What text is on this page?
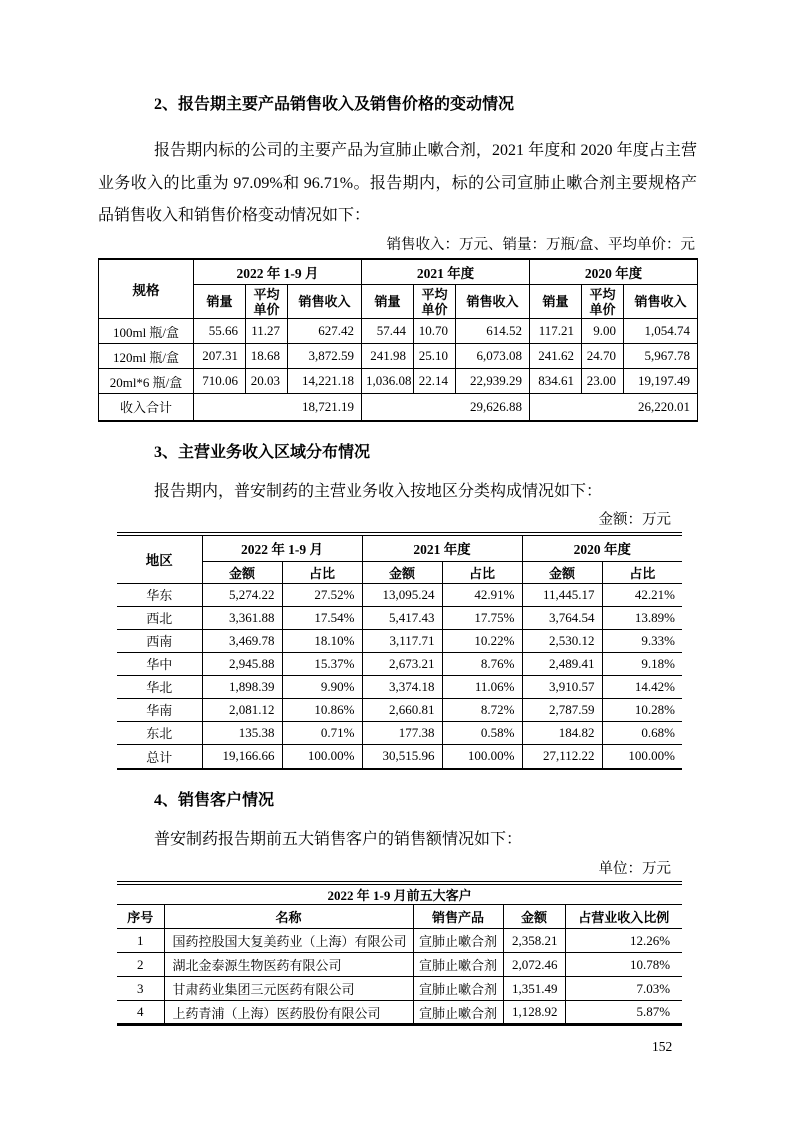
2、报告期主要产品销售收入及销售价格的变动情况

报告期内标的公司的主要产品为宣肺止嗽合剂，2021 年度和 2020 年度占主营业务收入的比重为 97.09%和 96.71%。报告期内，标的公司宣肺止嗽合剂主要规格产品销售收入和销售价格变动情况如下：

销售收入：万元、销量：万瓶/盒、平均单价：元
规格	2022 年 1-9 月			2021 年度			2020 年度		
	销量	平均单价	销售收入	销量	平均单价	销售收入	销量	平均单价	销售收入
100ml 瓶/盒	55.66	11.27	627.42	57.44	10.70	614.52	117.21	9.00	1,054.74
120ml 瓶/盒	207.31	18.68	3,872.59	241.98	25.10	6,073.08	241.62	24.70	5,967.78
20ml*6 瓶/盒	710.06	20.03	14,221.18	1,036.08	22.14	22,939.29	834.61	23.00	19,197.49
收入合计	18,721.19			29,626.88			26,220.01		
3、主营业务收入区域分布情况

报告期内，普安制药的主营业务收入按地区分类构成情况如下：

金额：万元
地区	2022 年 1-9 月		2021 年度		2020 年度	
	金额	占比	金额	占比	金额	占比
华东	5,274.22	27.52%	13,095.24	42.91%	11,445.17	42.21%
西北	3,361.88	17.54%	5,417.43	17.75%	3,764.54	13.89%
西南	3,469.78	18.10%	3,117.71	10.22%	2,530.12	9.33%
华中	2,945.88	15.37%	2,673.21	8.76%	2,489.41	9.18%
华北	1,898.39	9.90%	3,374.18	11.06%	3,910.57	14.42%
华南	2,081.12	10.86%	2,660.81	8.72%	2,787.59	10.28%
东北	135.38	0.71%	177.38	0.58%	184.82	0.68%
总计	19,166.66	100.00%	30,515.96	100.00%	27,112.22	100.00%
4、销售客户情况

普安制药报告期前五大销售客户的销售额情况如下：

单位：万元
2022 年 1-9 月前五大客户				
序号	名称	销售产品	金额	占营业收入比例
1	国药控股国大复美药业（上海）有限公司	宣肺止嗽合剂	2,358.21	12.26%
2	湖北金泰源生物医药有限公司	宣肺止嗽合剂	2,072.46	10.78%
3	甘肃药业集团三元医药有限公司	宣肺止嗽合剂	1,351.49	7.03%
4	上药青浦（上海）医药股份有限公司	宣肺止嗽合剂	1,128.92	5.87%
152
